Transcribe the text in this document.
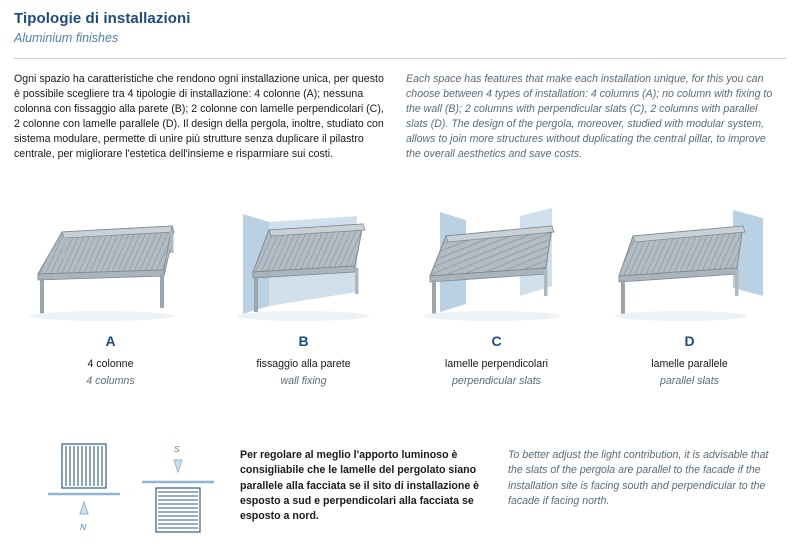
Tipologie di installazioni
Aluminium finishes
Ogni spazio ha caratteristiche che rendono ogni installazione unica, per questo è possibile scegliere tra 4 tipologie di installazione: 4 colonne (A); nessuna colonna con fissaggio alla parete (B); 2 colonne con lamelle perpendicolari (C), 2 colonne con lamelle parallele (D). Il design della pergola, inoltre, studiato con sistema modulare, permette di unire più strutture senza duplicare il pilastro centrale, per migliorare l'estetica dell'insieme e risparmiare sui costi.
Each space has features that make each installation unique, for this you can choose between 4 types of installation: 4 columns (A); no column with fixing to the wall (B); 2 columns with perpendicular slats (C), 2 columns with parallel slats (D). The design of the pergola, moreover, studied with modular system, allows to join more structures without duplicating the central pillar, to improve the overall aesthetics and save costs.
A
4 colonne
4 columns
B
fissaggio alla parete
wall fixing
C
lamelle perpendicolari
perpendicular slats
D
lamelle parallele
parallel slats
N
S	Per regolare al meglio l'apporto luminoso è consigliabile che le lamelle del pergolato siano parallele alla facciata se il sito di installazione è esposto a sud e perpendicolari alla facciata se esposto a nord.
To better adjust the light contribution, it is advisable that the slats of the pergola are parallel to the facade if the installation site is facing south and perpendicular to the facade if facing north.
